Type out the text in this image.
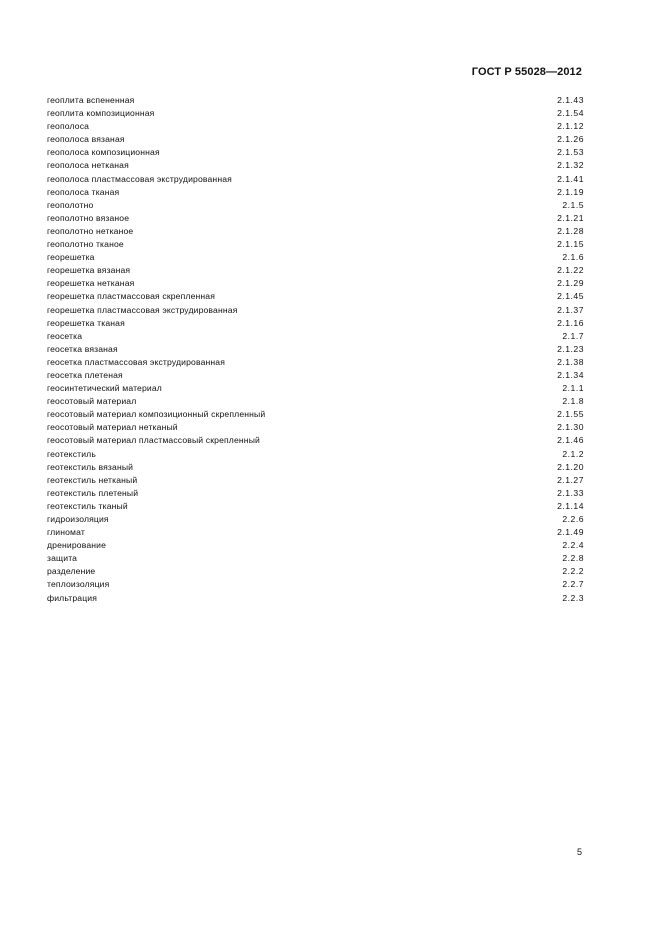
ГОСТ Р 55028—2012
геоплита вспененная	2.1.43
геоплита композиционная	2.1.54
геополоса	2.1.12
геополоса вязаная	2.1.26
геополоса композиционная	2.1.53
геополоса нетканая	2.1.32
геополоса пластмассовая экструдированная	2.1.41
геополоса тканая	2.1.19
геополотно	2.1.5
геополотно вязаное	2.1.21
геополотно нетканое	2.1.28
геополотно тканое	2.1.15
георешетка	2.1.6
георешетка вязаная	2.1.22
георешетка нетканая	2.1.29
георешетка пластмассовая скрепленная	2.1.45
георешетка пластмассовая экструдированная	2.1.37
георешетка тканая	2.1.16
геосетка	2.1.7
геосетка вязаная	2.1.23
геосетка пластмассовая экструдированная	2.1.38
геосетка плетеная	2.1.34
геосинтетический материал	2.1.1
геосотовый материал	2.1.8
геосотовый материал композиционный скрепленный	2.1.55
геосотовый материал нетканый	2.1.30
геосотовый материал пластмассовый скрепленный	2.1.46
геотекстиль	2.1.2
геотекстиль вязаный	2.1.20
геотекстиль нетканый	2.1.27
геотекстиль плетеный	2.1.33
геотекстиль тканый	2.1.14
гидроизоляция	2.2.6
глиномат	2.1.49
дренирование	2.2.4
защита	2.2.8
разделение	2.2.2
теплоизоляция	2.2.7
фильтрация	2.2.3
5
